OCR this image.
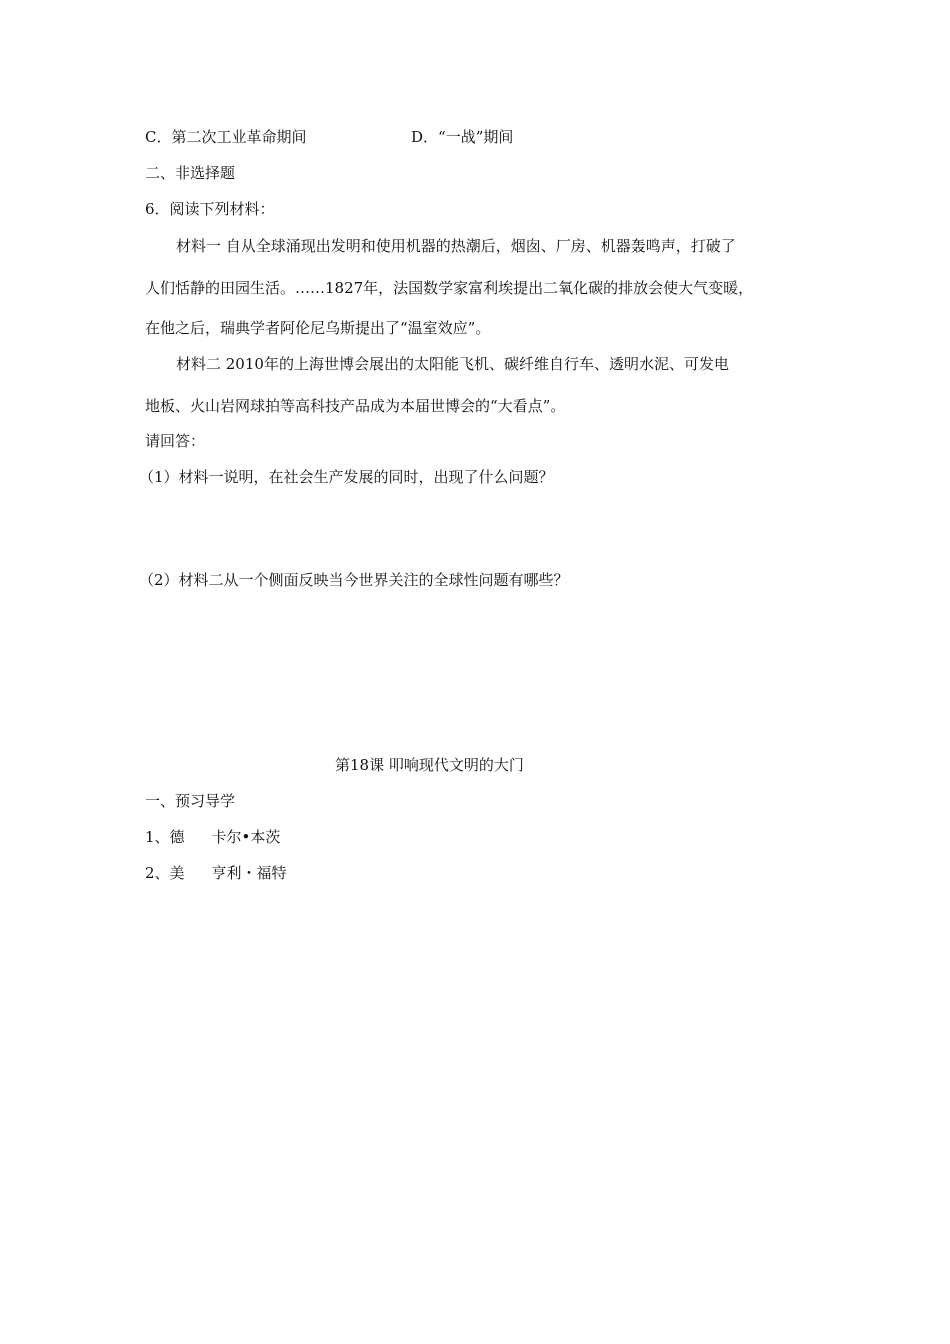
C．第二次工业革命期间	D．“一战”期间
二、非选择题
6．阅读下列材料：
材料一 自从全球涌现出发明和使用机器的热潮后，烟囱、厂房、机器轰鸣声，打破了
人们恬静的田园生活。……1827年，法国数学家富利埃提出二氧化碳的排放会使大气变暖，
在他之后，瑞典学者阿伦尼乌斯提出了“温室效应”。
材料二 2010年的上海世博会展出的太阳能飞机、碳纤维自行车、透明水泥、可发电
地板、火山岩网球拍等高科技产品成为本届世博会的“大看点”。
请回答：
（1）材料一说明，在社会生产发展的同时，出现了什么问题？
（2）材料二从一个侧面反映当今世界关注的全球性问题有哪些？
第18课 叩响现代文明的大门
一、预习导学
1、德 卡尔•本茨
2、美 亨利・福特
